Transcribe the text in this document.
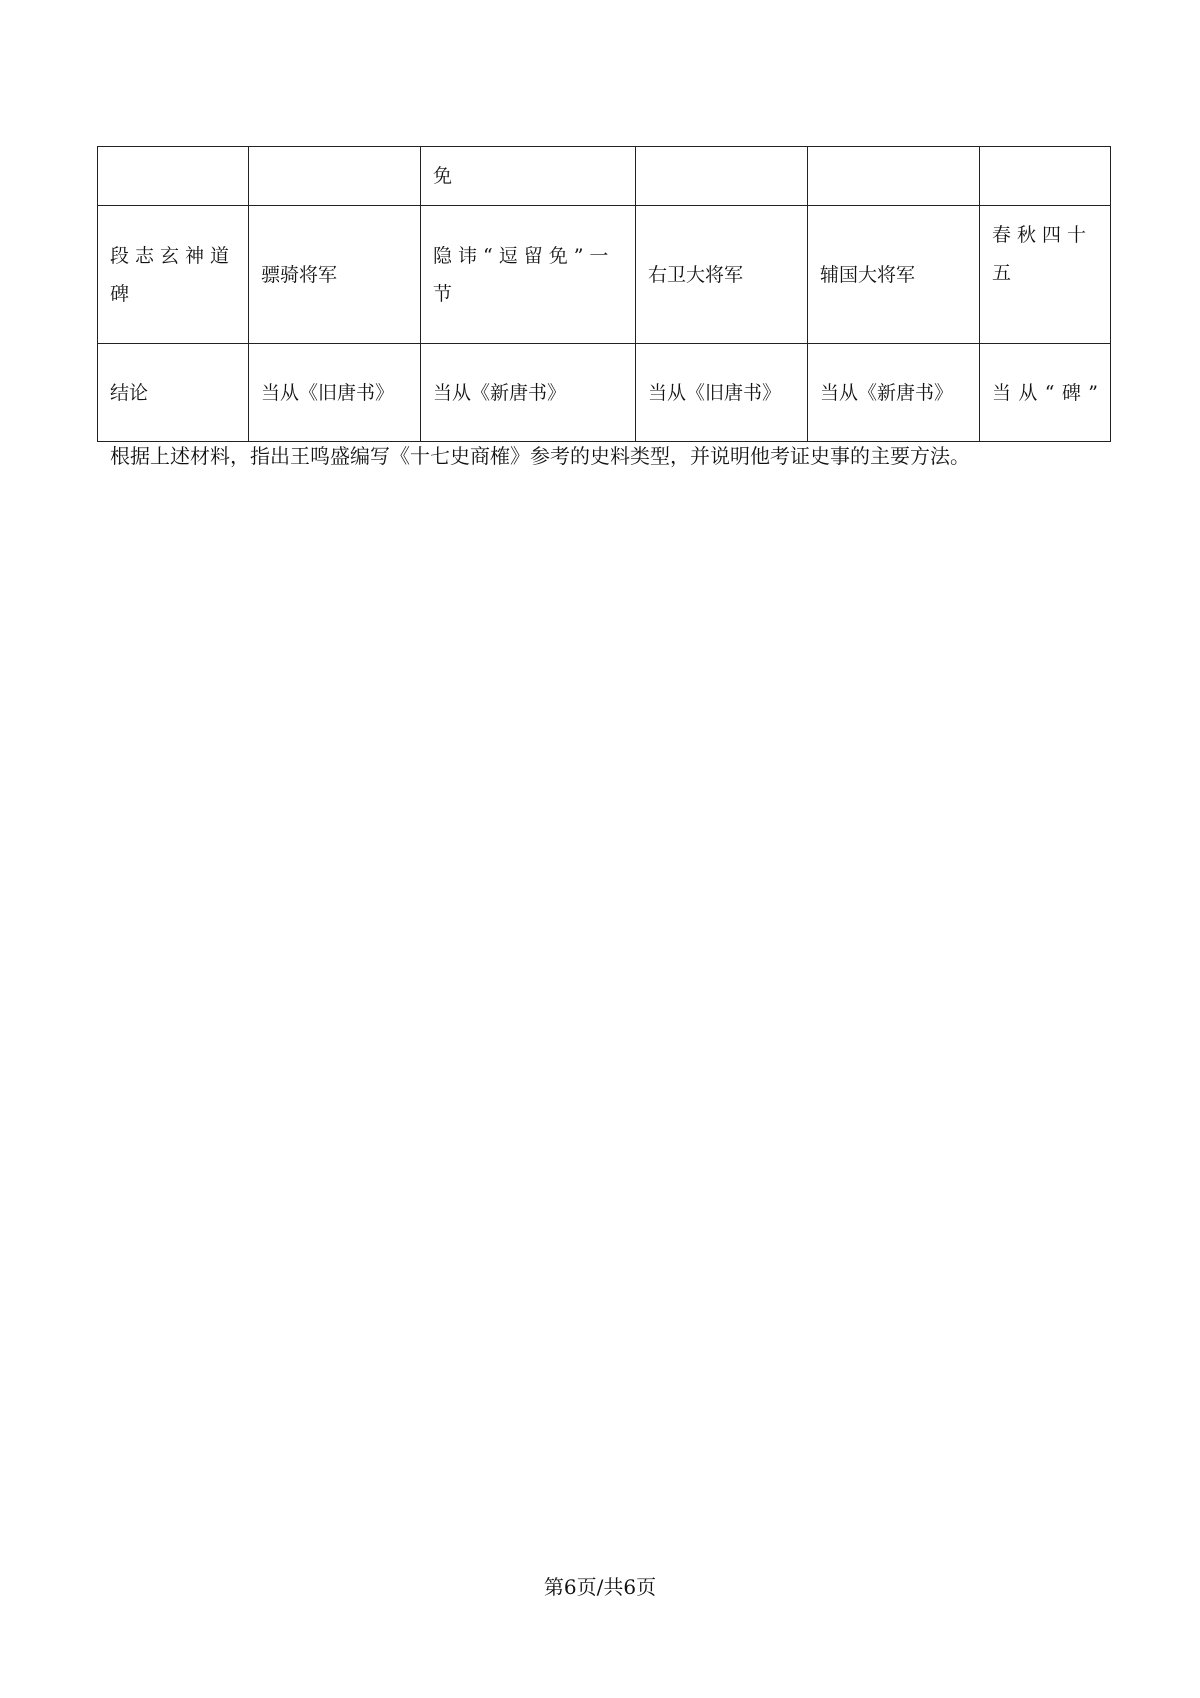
		免			
段志玄神道碑	骠骑将军	隐讳“逗留免”一节	右卫大将军	辅国大将军	春秋四十五
结论	当从《旧唐书》	当从《新唐书》	当从《旧唐书》	当从《新唐书》	当从“碑”
根据上述材料，指出王鸣盛编写《十七史商榷》参考的史料类型，并说明他考证史事的主要方法。
第6页/共6页
